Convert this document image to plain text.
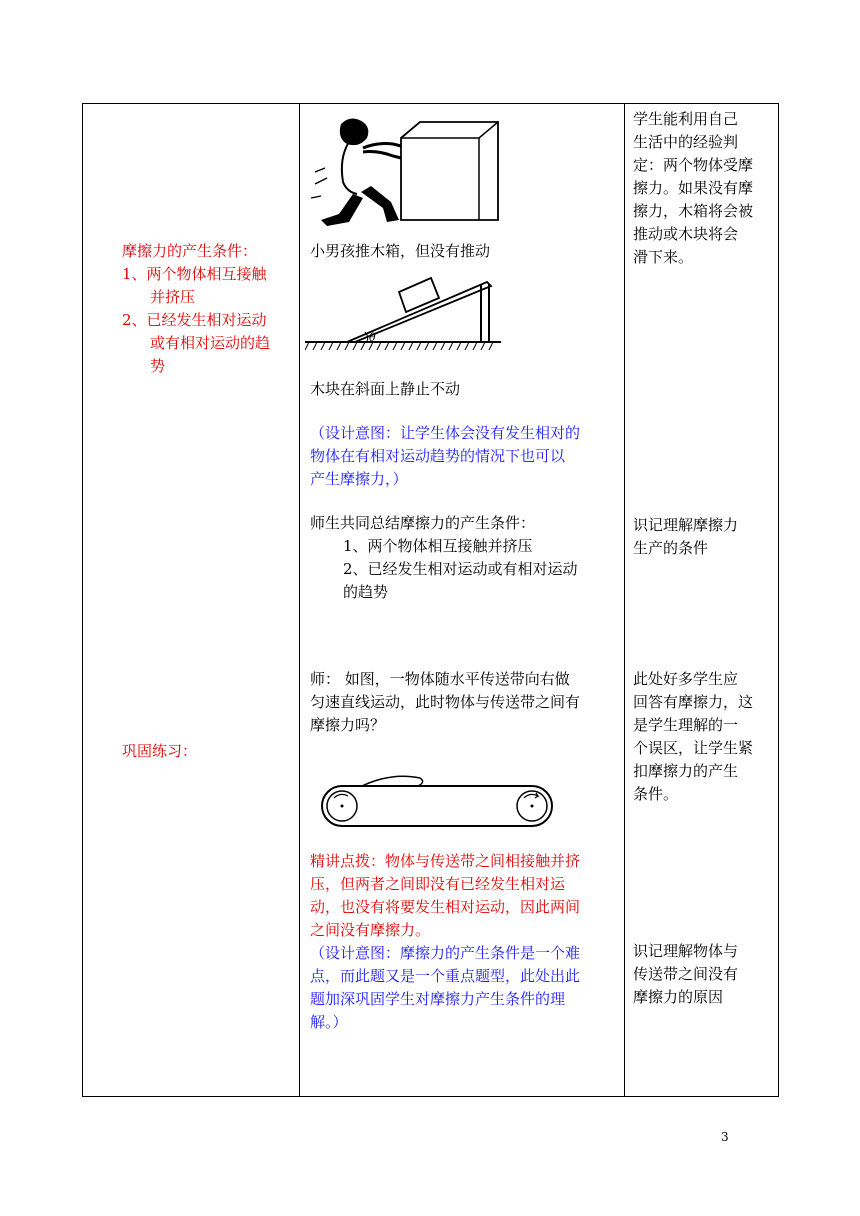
摩擦力的产生条件：
1、两个物体相互接触
并挤压
2、已经发生相对运动
或有相对运动的趋
势
巩固练习：
小男孩推木箱，但没有推动
θ
木块在斜面上静止不动
（设计意图：让学生体会没有发生相对的
物体在有相对运动趋势的情况下也可以
产生摩擦力，）
师生共同总结摩擦力的产生条件：
1、两个物体相互接触并挤压
2、已经发生相对运动或有相对运动
的趋势
师： 如图，一物体随水平传送带向右做
匀速直线运动，此时物体与传送带之间有
摩擦力吗？
精讲点拨：物体与传送带之间相接触并挤
压，但两者之间即没有已经发生相对运
动，也没有将要发生相对运动，因此两间
之间没有摩擦力。
（设计意图：摩擦力的产生条件是一个难
点，而此题又是一个重点题型，此处出此
题加深巩固学生对摩擦力产生条件的理
解。）
学生能利用自己
生活中的经验判
定：两个物体受摩
擦力。如果没有摩
擦力，木箱将会被
推动或木块将会
滑下来。
识记理解摩擦力
生产的条件
此处好多学生应
回答有摩擦力，这
是学生理解的一
个误区，让学生紧
扣摩擦力的产生
条件。
识记理解物体与
传送带之间没有
摩擦力的原因
3
